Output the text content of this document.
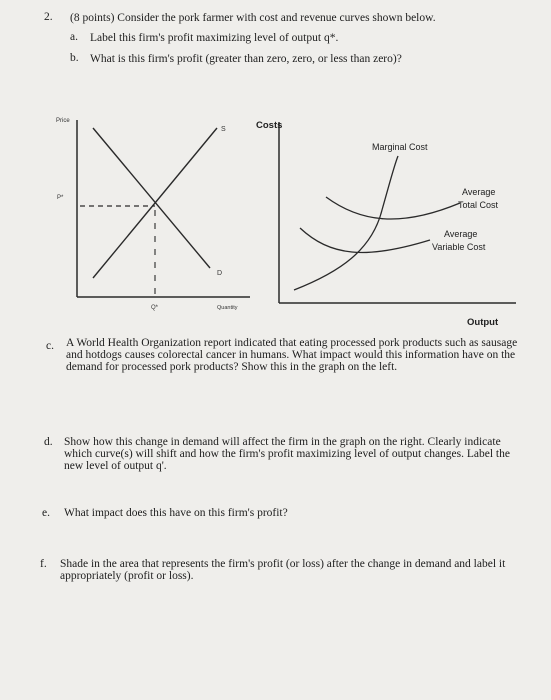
2. (8 points) Consider the pork farmer with cost and revenue curves shown below.
a. Label this firm's profit maximizing level of output q*.
b. What is this firm's profit (greater than zero, zero, or less than zero)?
Price
P*
Q*
S
D
Quantity
Costs
Marginal Cost
Average
Total Cost
Average
Variable Cost
Output
c. A World Health Organization report indicated that eating processed pork products such as sausage and hotdogs causes colorectal cancer in humans. What impact would this information have on the demand for processed pork products? Show this in the graph on the left.
d. Show how this change in demand will affect the firm in the graph on the right. Clearly indicate which curve(s) will shift and how the firm's profit maximizing level of output changes. Label the new level of output q'.
e. What impact does this have on this firm's profit?
f. Shade in the area that represents the firm's profit (or loss) after the change in demand and label it appropriately (profit or loss).
